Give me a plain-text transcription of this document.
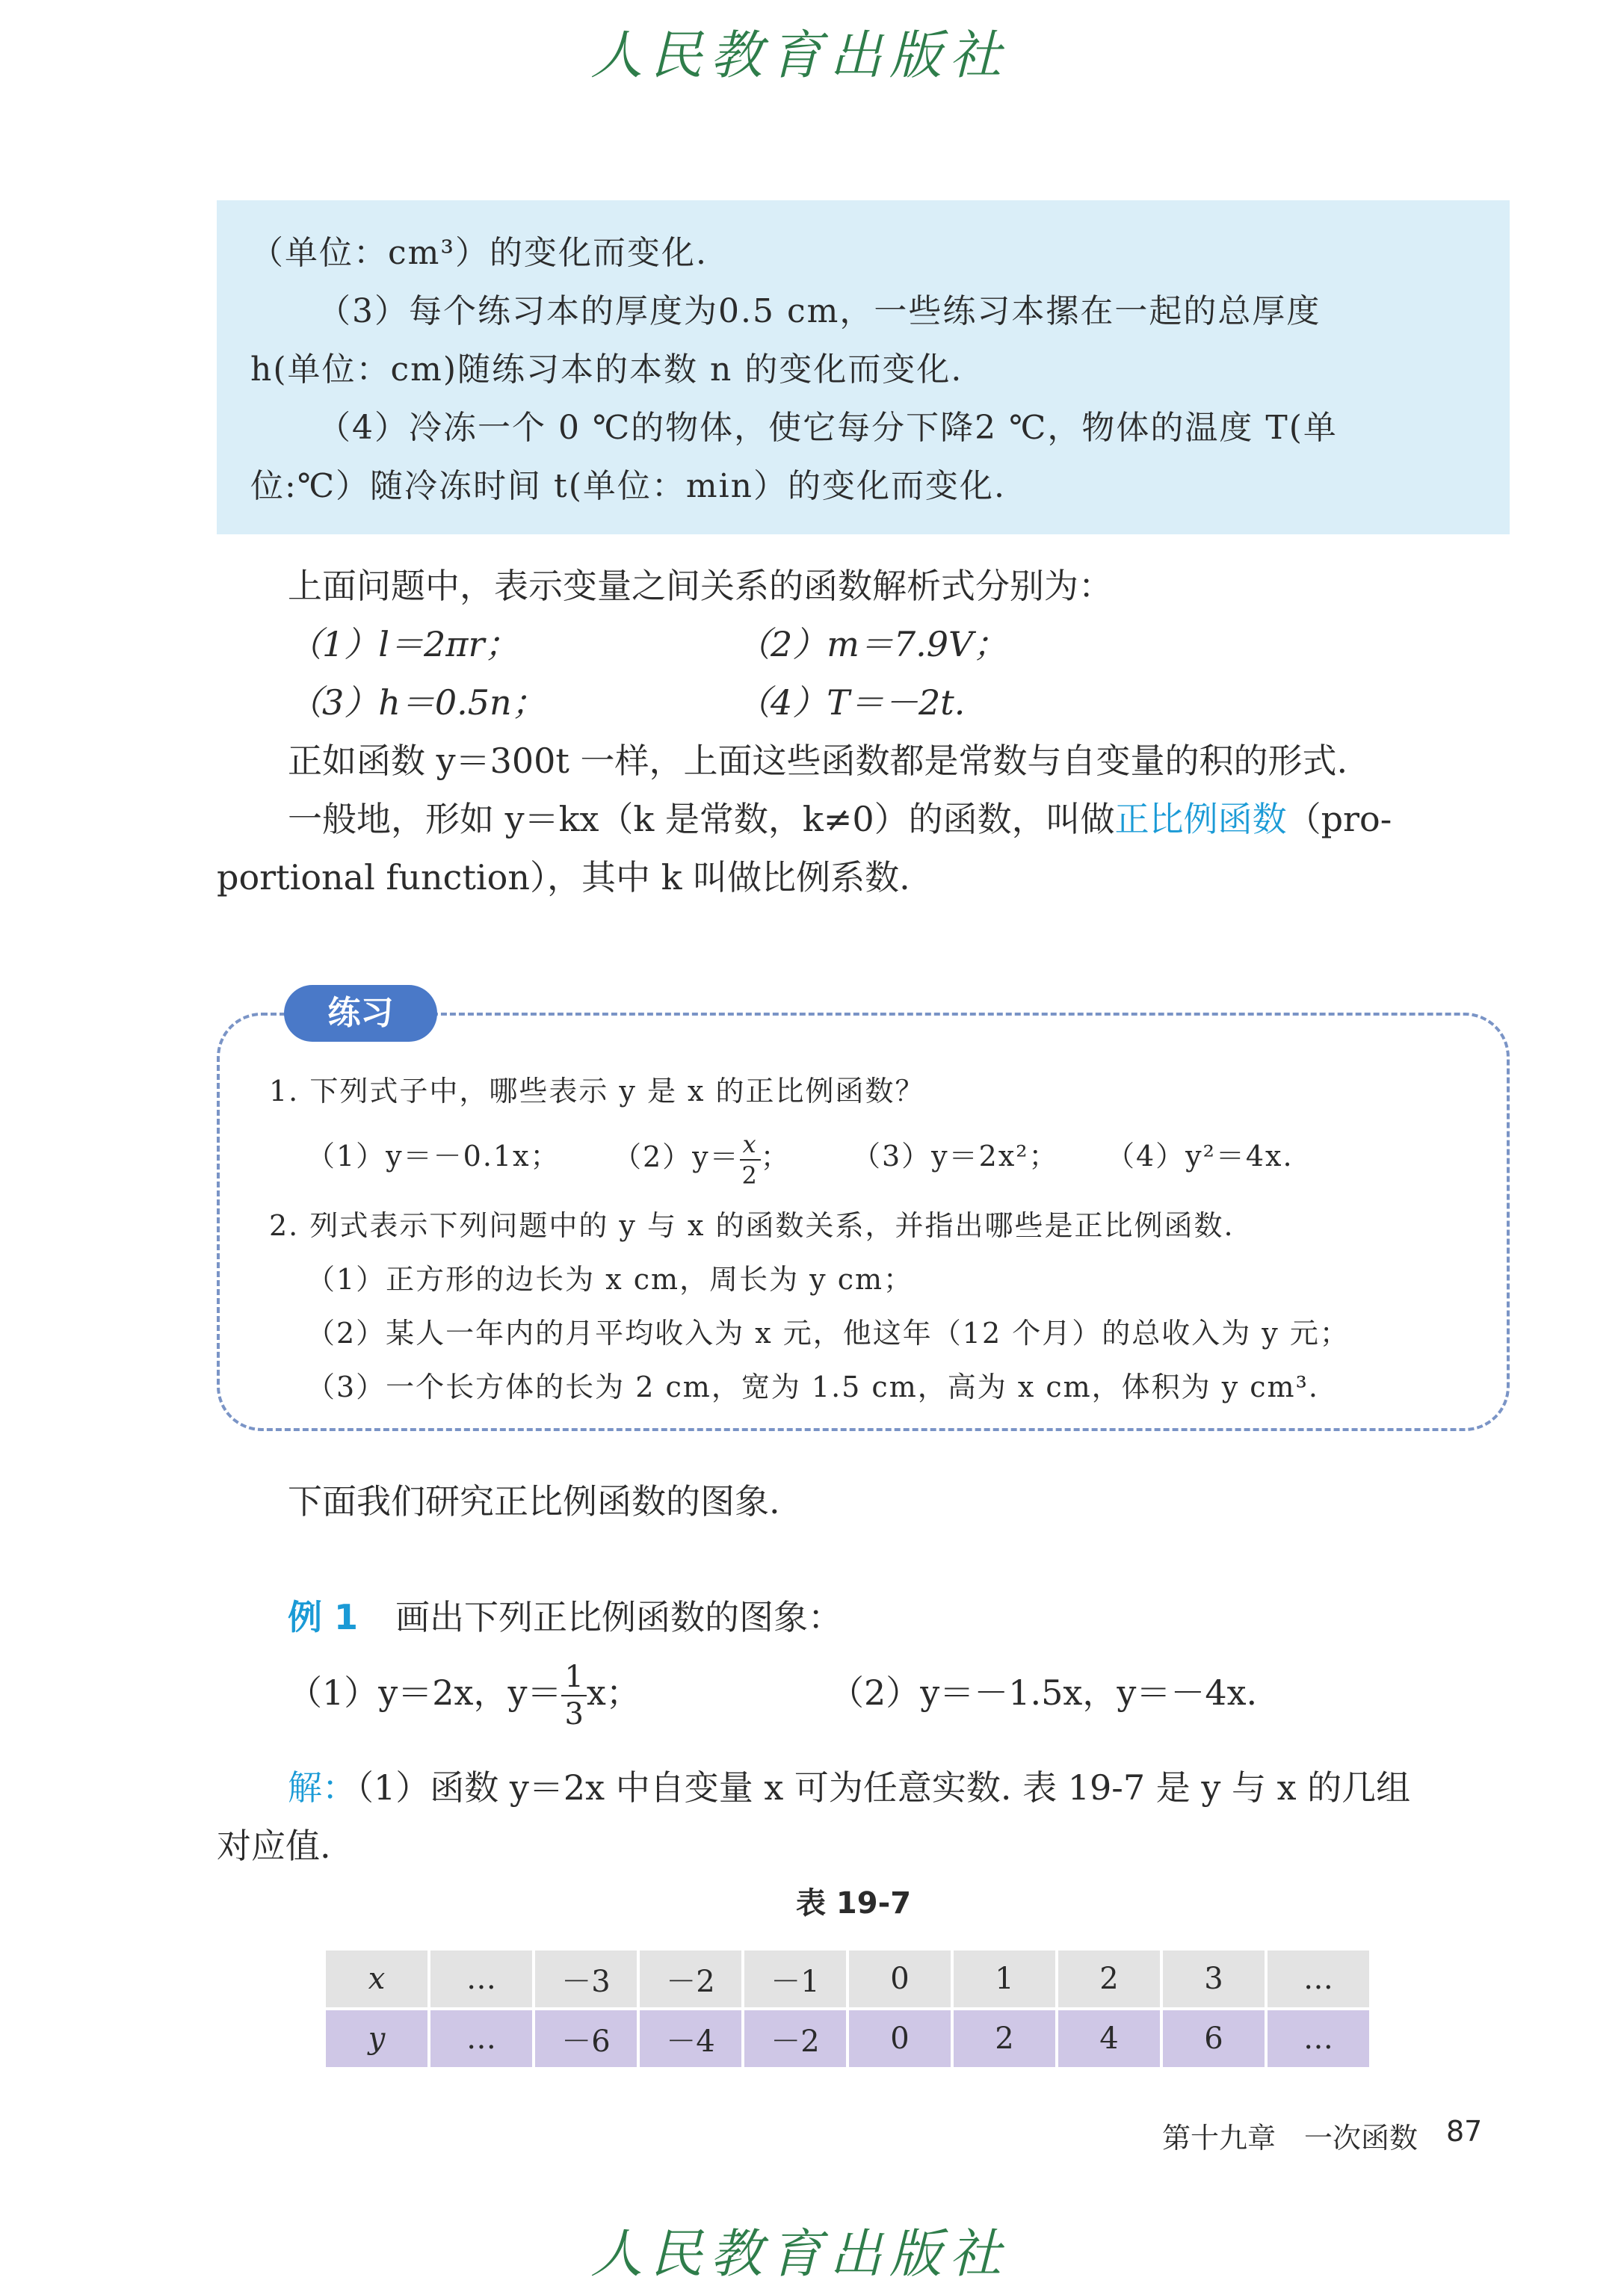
人民教育出版社
（单位：cm³）的变化而变化.
（3）每个练习本的厚度为0.5 cm，一些练习本摞在一起的总厚度
h(单位：cm)随练习本的本数 n 的变化而变化.
（4）冷冻一个 0 ℃的物体，使它每分下降2 ℃，物体的温度 T(单
位:℃）随冷冻时间 t(单位：min）的变化而变化.
上面问题中，表示变量之间关系的函数解析式分别为：
（1）l＝2πr；	（2）m＝7.9V；
（3）h＝0.5n；	（4）T＝－2t.
正如函数 y＝300t 一样，上面这些函数都是常数与自变量的积的形式.
一般地，形如 y＝kx（k 是常数，k≠0）的函数，叫做正比例函数（pro-
portional function），其中 k 叫做比例系数.
练习
1. 下列式子中，哪些表示 y 是 x 的正比例函数？
（1）y＝－0.1x； $(2)y= \frac{x}{2}$ ； （3）y＝2x²； （4）y²＝4x.
2. 列式表示下列问题中的 y 与 x 的函数关系，并指出哪些是正比例函数.
（1）正方形的边长为 x cm，周长为 y cm；
（2）某人一年内的月平均收入为 x 元，他这年（12 个月）的总收入为 y 元；
（3）一个长方体的长为 2 cm，宽为 1.5 cm，高为 x cm，体积为 y cm³.
下面我们研究正比例函数的图象.
例 1 画出下列正比例函数的图象：
（1）y＝2x，$y= \frac{1}{3}$ x；	（2）y＝－1.5x，y＝－4x.
解：（1）函数 y＝2x 中自变量 x 可为任意实数. 表 19-7 是 y 与 x 的几组
对应值.
表 19-7
x	…	－3	－2	－1	0	1	2	3	…
y	…	－6	－4	－2	0	2	4	6	…
第十九章　一次函数 87
人民教育出版社
